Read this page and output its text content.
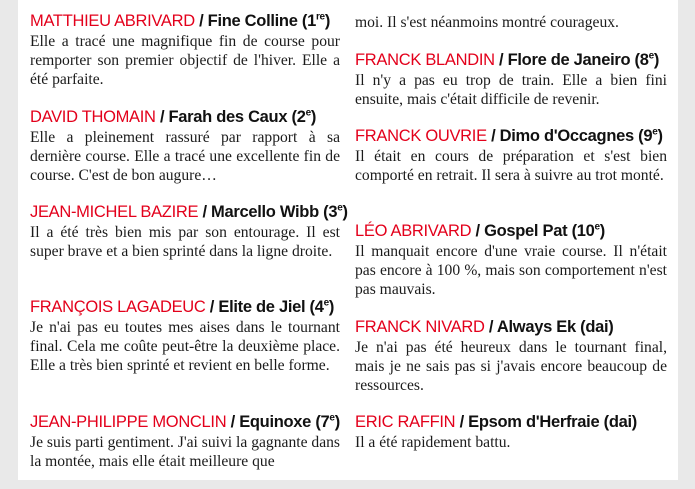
MATTHIEU ABRIVARD / Fine Colline (1re)
Elle a tracé une magnifique fin de course pour remporter son premier objectif de l'hiver. Elle a été parfaite.
DAVID THOMAIN / Farah des Caux (2e)
Elle a pleinement rassuré par rapport à sa dernière course. Elle a tracé une excellente fin de course. C'est de bon augure…
JEAN-MICHEL BAZIRE / Marcello Wibb (3e)
Il a été très bien mis par son entourage. Il est super brave et a bien sprinté dans la ligne droite.
FRANÇOIS LAGADEUC / Elite de Jiel (4e)
Je n'ai pas eu toutes mes aises dans le tournant final. Cela me coûte peut-être la deuxième place. Elle a très bien sprinté et revient en belle forme.
JEAN-PHILIPPE MONCLIN / Equinoxe (7e)
Je suis parti gentiment. J'ai suivi la gagnante dans la montée, mais elle était meilleure que
moi. Il s'est néanmoins montré courageux.
FRANCK BLANDIN / Flore de Janeiro (8e)
Il n'y a pas eu trop de train. Elle a bien fini ensuite, mais c'était difficile de revenir.
FRANCK OUVRIE / Dimo d'Occagnes (9e)
Il était en cours de préparation et s'est bien comporté en retrait. Il sera à suivre au trot monté.
LÉO ABRIVARD / Gospel Pat (10e)
Il manquait encore d'une vraie course. Il n'était pas encore à 100 %, mais son comportement n'est pas mauvais.
FRANCK NIVARD / Always Ek (dai)
Je n'ai pas été heureux dans le tournant final, mais je ne sais pas si j'avais encore beaucoup de ressources.
ERIC RAFFIN / Epsom d'Herfraie (dai)
Il a été rapidement battu.
